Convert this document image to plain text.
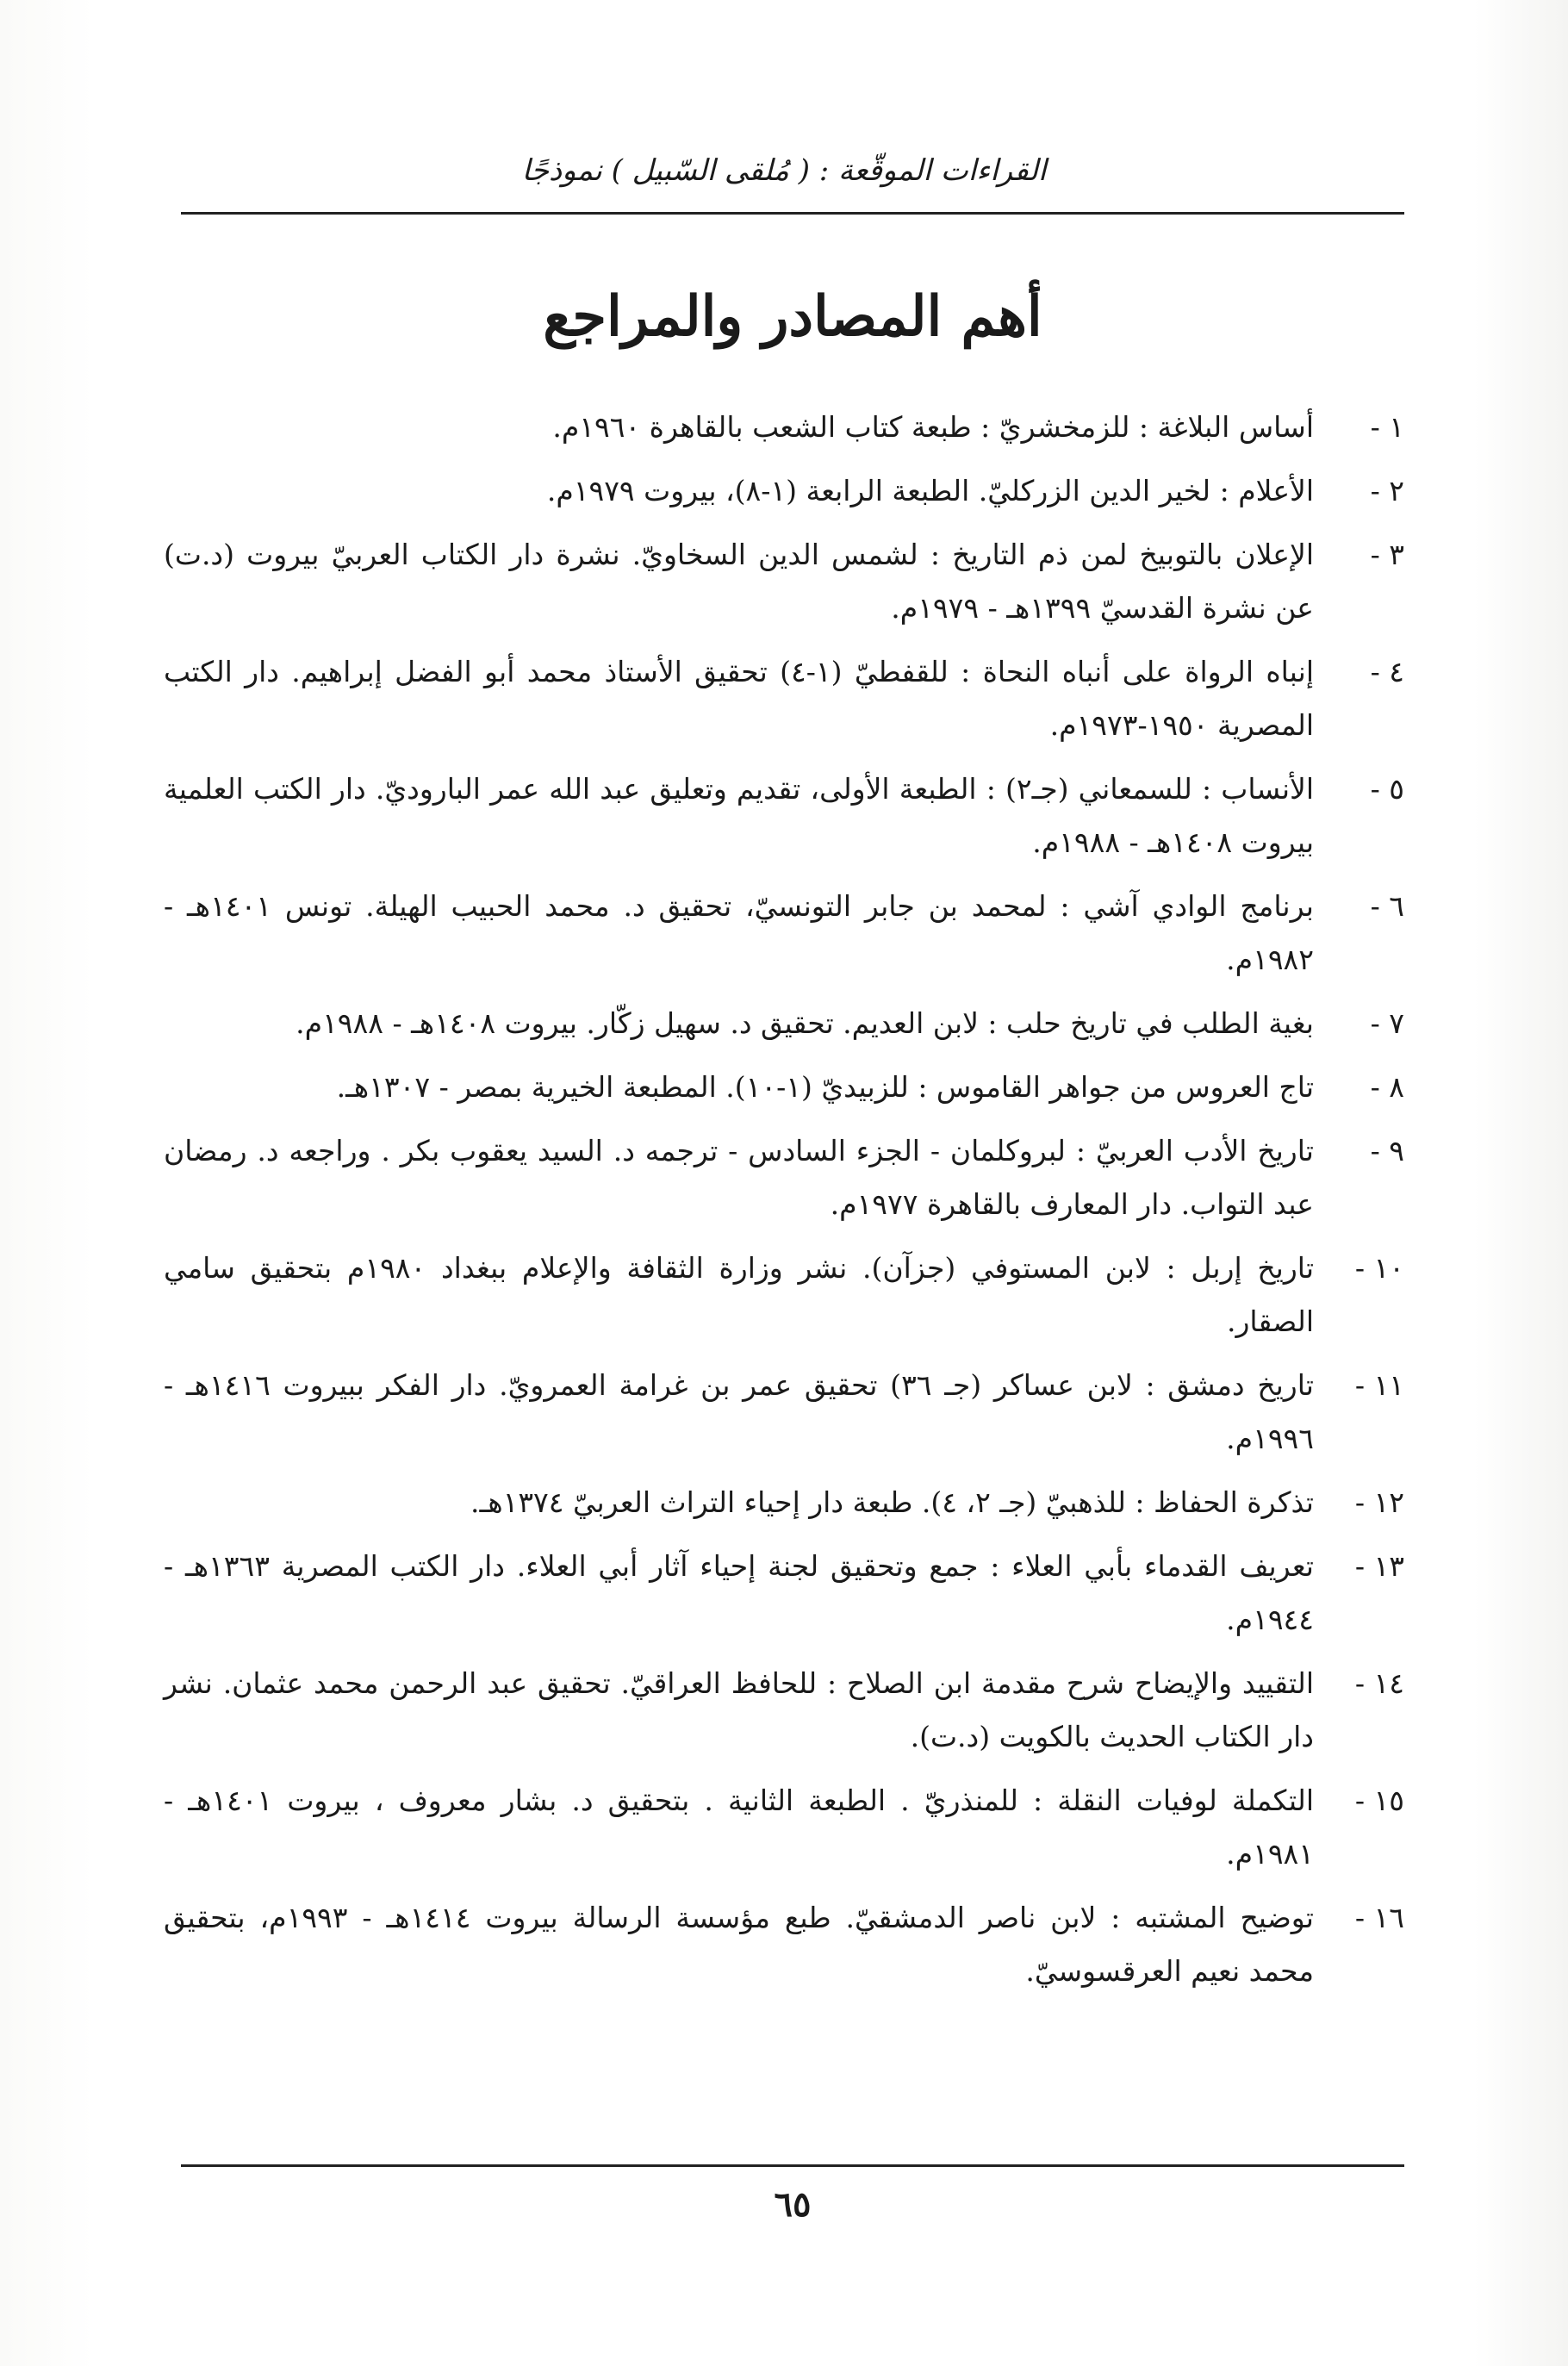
القراءات الموقّعة : ( مُلقى السّبيل ) نموذجًا
أهم المصادر والمراجع
١ -
أساس البلاغة : للزمخشريّ : طبعة كتاب الشعب بالقاهرة ١٩٦٠م.
٢ -
الأعلام : لخير الدين الزركليّ. الطبعة الرابعة (١-٨)، بيروت ١٩٧٩م.
٣ -
الإعلان بالتوبيخ لمن ذم التاريخ : لشمس الدين السخاويّ. نشرة دار الكتاب العربيّ بيروت (د.ت) عن نشرة القدسيّ ١٣٩٩هـ - ١٩٧٩م.
٤ -
إنباه الرواة على أنباه النحاة : للقفطيّ (١-٤) تحقيق الأستاذ محمد أبو الفضل إبراهيم. دار الكتب المصرية ١٩٥٠-١٩٧٣م.
٥ -
الأنساب : للسمعاني (جـ٢) : الطبعة الأولى، تقديم وتعليق عبد الله عمر الباروديّ. دار الكتب العلمية بيروت ١٤٠٨هـ - ١٩٨٨م.
٦ -
برنامج الوادي آشي : لمحمد بن جابر التونسيّ، تحقيق د. محمد الحبيب الهيلة. تونس ١٤٠١هـ - ١٩٨٢م.
٧ -
بغية الطلب في تاريخ حلب : لابن العديم. تحقيق د. سهيل زكّار. بيروت ١٤٠٨هـ - ١٩٨٨م.
٨ -
تاج العروس من جواهر القاموس : للزبيديّ (١-١٠). المطبعة الخيرية بمصر - ١٣٠٧هـ.
٩ -
تاريخ الأدب العربيّ : لبروكلمان - الجزء السادس - ترجمه د. السيد يعقوب بكر . وراجعه د. رمضان عبد التواب. دار المعارف بالقاهرة ١٩٧٧م.
١٠ -
تاريخ إربل : لابن المستوفي (جزآن). نشر وزارة الثقافة والإعلام ببغداد ١٩٨٠م بتحقيق سامي الصقار.
١١ -
تاريخ دمشق : لابن عساكر (جـ ٣٦) تحقيق عمر بن غرامة العمرويّ. دار الفكر ببيروت ١٤١٦هـ - ١٩٩٦م.
١٢ -
تذكرة الحفاظ : للذهبيّ (جـ ٢، ٤). طبعة دار إحياء التراث العربيّ ١٣٧٤هـ.
١٣ -
تعريف القدماء بأبي العلاء : جمع وتحقيق لجنة إحياء آثار أبي العلاء. دار الكتب المصرية ١٣٦٣هـ - ١٩٤٤م.
١٤ -
التقييد والإيضاح شرح مقدمة ابن الصلاح : للحافظ العراقيّ. تحقيق عبد الرحمن محمد عثمان. نشر دار الكتاب الحديث بالكويت (د.ت).
١٥ -
التكملة لوفيات النقلة : للمنذريّ . الطبعة الثانية . بتحقيق د. بشار معروف ، بيروت ١٤٠١هـ - ١٩٨١م.
١٦ -
توضيح المشتبه : لابن ناصر الدمشقيّ. طبع مؤسسة الرسالة بيروت ١٤١٤هـ - ١٩٩٣م، بتحقيق محمد نعيم العرقسوسيّ.
٦٥
